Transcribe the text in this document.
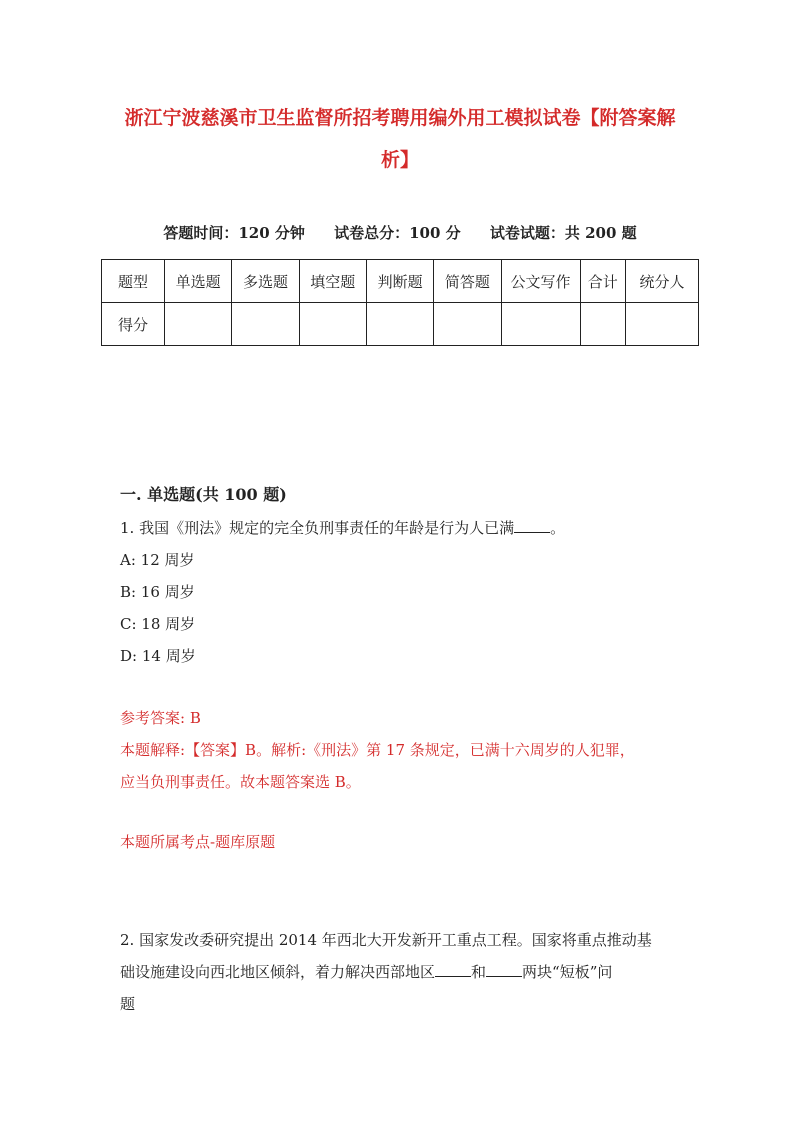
浙江宁波慈溪市卫生监督所招考聘用编外用工模拟试卷【附答案解
析】
答题时间：120 分钟 试卷总分：100 分 试卷试题：共 200 题
题型	单选题	多选题	填空题	判断题	简答题	公文写作	合计	统分人
得分								
一. 单选题(共 100 题)
1. 我国《刑法》规定的完全负刑事责任的年龄是行为人已满 。
A: 12 周岁
B: 16 周岁
C: 18 周岁
D: 14 周岁
参考答案: B
本题解释:【答案】B。解析:《刑法》第 17 条规定，已满十六周岁的人犯罪，
应当负刑事责任。故本题答案选 B。
本题所属考点-题库原题
2. 国家发改委研究提出 2014 年西北大开发新开工重点工程。国家将重点推动基
础设施建设向西北地区倾斜，着力解决西部地区 和 两块“短板”问
题
